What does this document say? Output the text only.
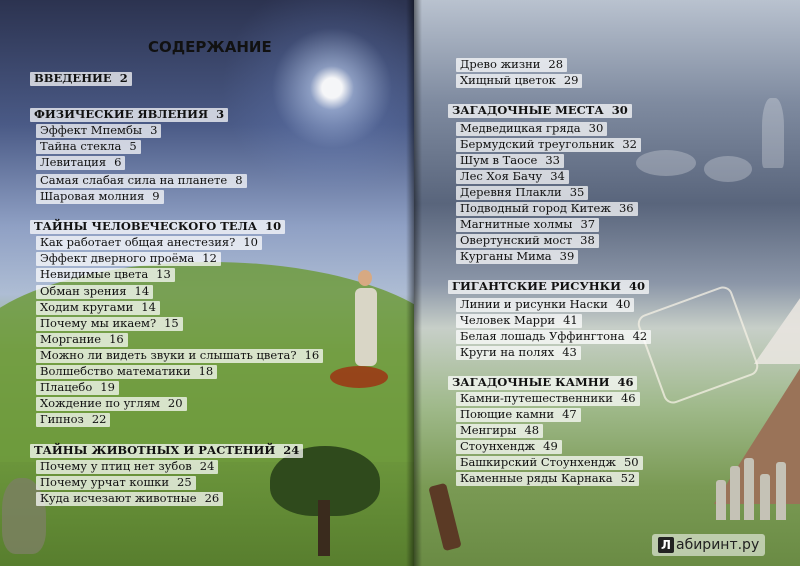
СОДЕРЖАНИЕ
ВВЕДЕНИЕ 2
ФИЗИЧЕСКИЕ ЯВЛЕНИЯ 3
Эффект Мпембы 3
Тайна стекла 5
Левитация 6
Самая слабая сила на планете 8
Шаровая молния 9
ТАЙНЫ ЧЕЛОВЕЧЕСКОГО ТЕЛА 10
Как работает общая анестезия? 10
Эффект дверного проёма 12
Невидимые цвета 13
Обман зрения 14
Ходим кругами 14
Почему мы икаем? 15
Моргание 16
Можно ли видеть звуки и слышать цвета? 16
Волшебство математики 18
Плацебо 19
Хождение по углям 20
Гипноз 22
ТАЙНЫ ЖИВОТНЫХ И РАСТЕНИЙ 24
Почему у птиц нет зубов 24
Почему урчат кошки 25
Куда исчезают животные 26
Древо жизни 28
Хищный цветок 29
ЗАГАДОЧНЫЕ МЕСТА 30
Медведицкая гряда 30
Бермудский треугольник 32
Шум в Таосе 33
Лес Хоя Бачу 34
Деревня Плакли 35
Подводный город Китеж 36
Магнитные холмы 37
Овертунский мост 38
Курганы Мима 39
ГИГАНТСКИЕ РИСУНКИ 40
Линии и рисунки Наски 40
Человек Марри 41
Белая лошадь Уффингтона 42
Круги на полях 43
ЗАГАДОЧНЫЕ КАМНИ 46
Камни-путешественники 46
Поющие камни 47
Менгиры 48
Стоунхендж 49
Башкирский Стоунхендж 50
Каменные ряды Карнака 52
Л абиринт.ру
